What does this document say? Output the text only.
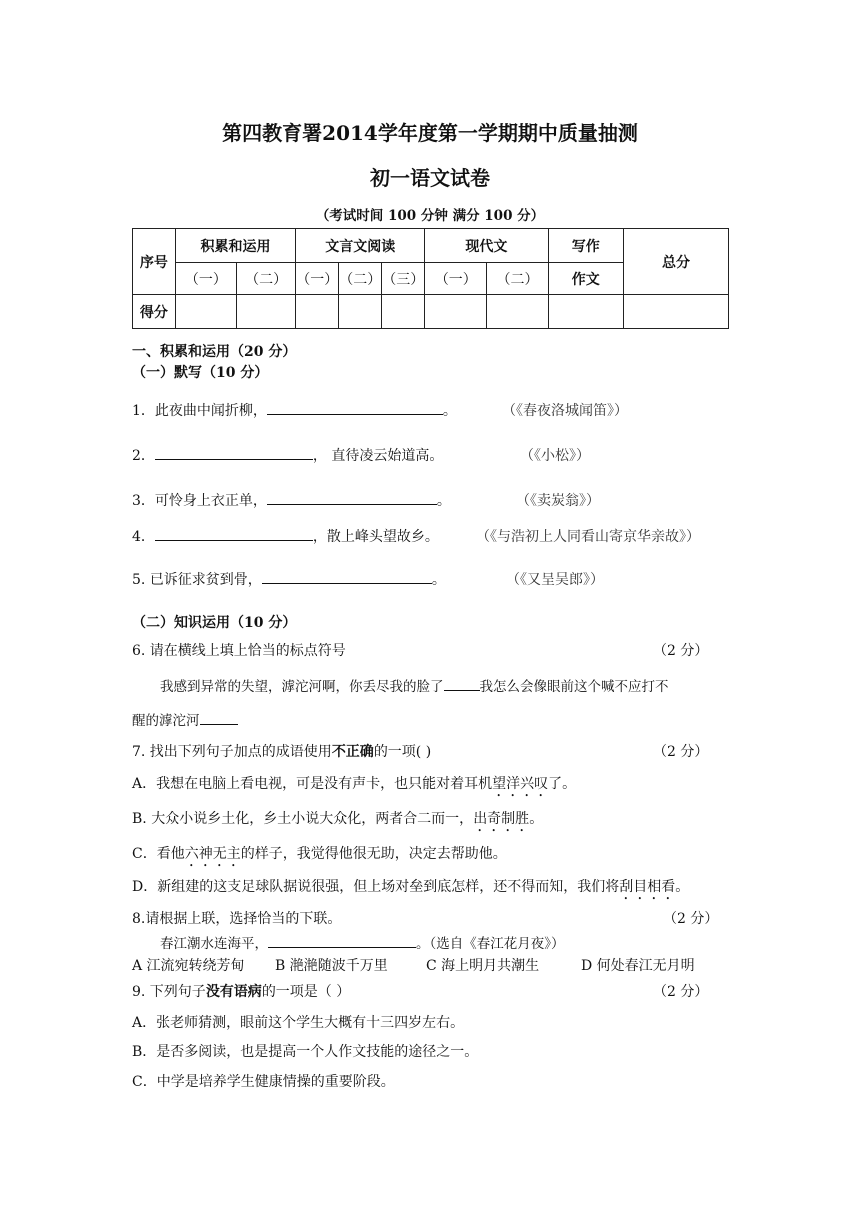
第四教育署2014学年度第一学期期中质量抽测
初一语文试卷
（考试时间 100 分钟 满分 100 分）
序号	积累和运用		文言文阅读			现代文		写作	总分
	（一）	（二）	（一）	（二）	（三）	（一）	（二）	作文	
得分									
一、积累和运用（20 分）
（一）默写（10 分）
1．此夜曲中闻折柳，	。	（《春夜洛城闻笛》）
2．	， 直待凌云始道高。	（《小松》）
3．可怜身上衣正单，	。	（《卖炭翁》）
4．	，散上峰头望故乡。	（《与浩初上人同看山寄京华亲故》）
5. 已诉征求贫到骨，	。	（《又呈吴郎》）
（二）知识运用（10 分）
6. 请在横线上填上恰当的标点符号	（2 分）
我感到异常的失望，滹沱河啊，你丢尽我的脸了	我怎么会像眼前这个喊不应打不
醒的滹沱河
7. 找出下列句子加点的成语使用不正确的一项( )	（2 分）
A．我想在电脑上看电视，可是没有声卡，也只能对着耳机望洋兴叹了。
B. 大众小说乡土化，乡土小说大众化，两者合二而一，出奇制胜。
C．看他六神无主的样子，我觉得他很无助，决定去帮助他。
D．新组建的这支足球队据说很强，但上场对垒到底怎样，还不得而知，我们将刮目相看。
8.请根据上联，选择恰当的下联。	（2 分）
春江潮水连海平，	。（选自《春江花月夜》）
A 江流宛转绕芳甸 B 滟滟随波千万里	C 海上明月共潮生	D 何处春江无月明
9. 下列句子没有语病的一项是（ ）	（2 分）
A．张老师猜测，眼前这个学生大概有十三四岁左右。
B．是否多阅读，也是提高一个人作文技能的途径之一。
C．中学是培养学生健康情操的重要阶段。
